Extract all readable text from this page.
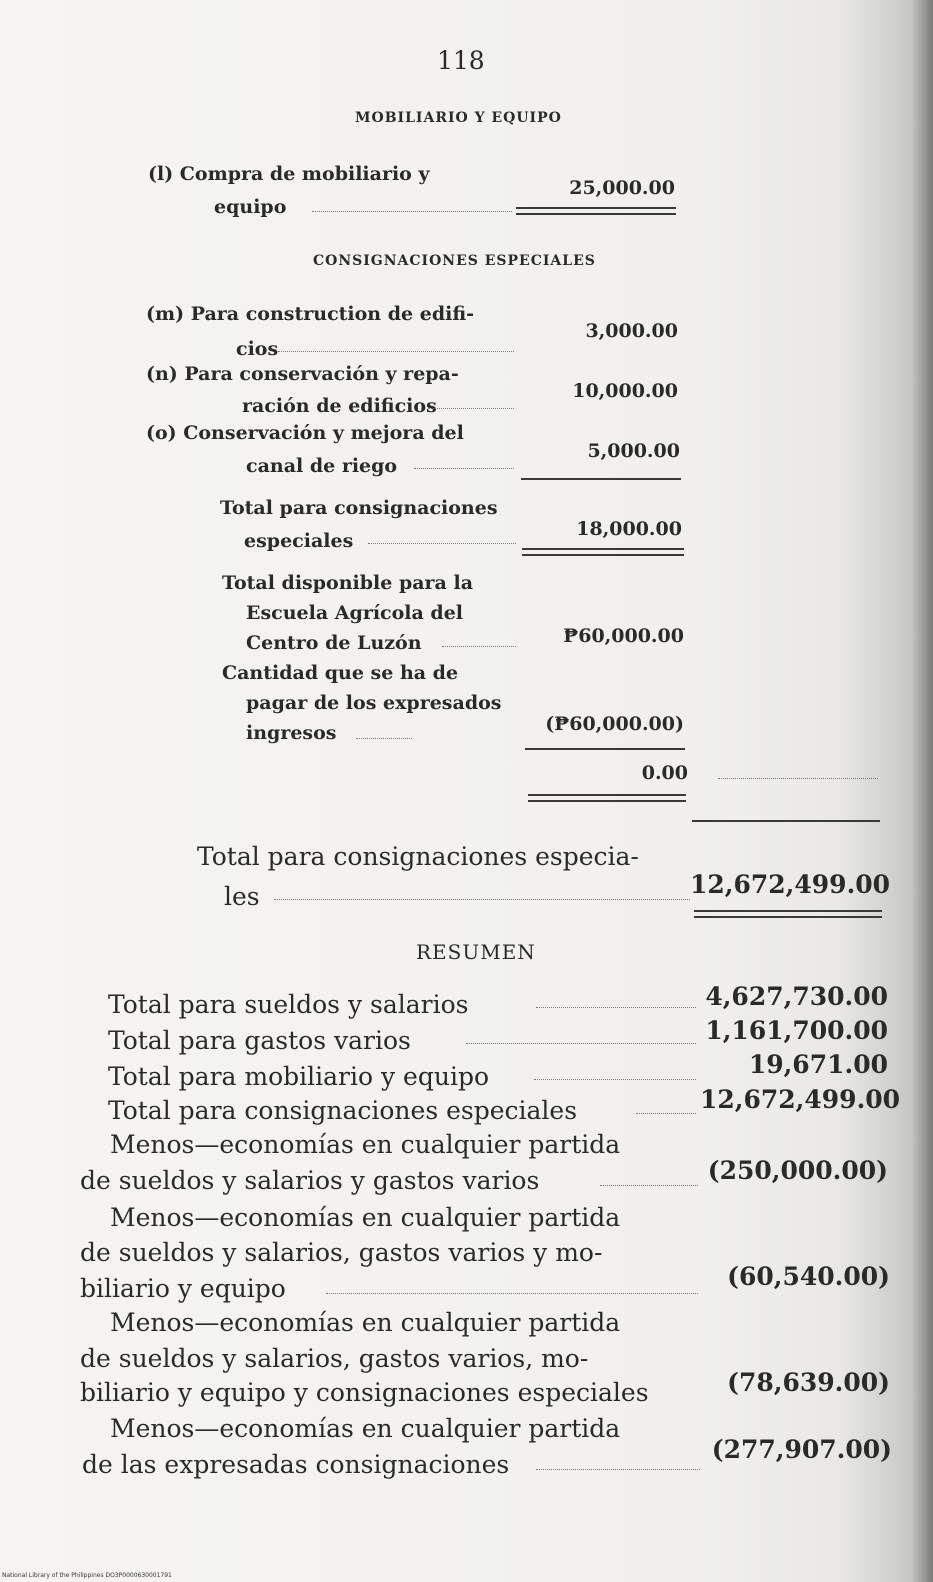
118
MOBILIARIO Y EQUIPO
(l) Compra de mobiliario y
equipo
25,000.00
CONSIGNACIONES ESPECIALES
(m) Para construction de edifi-
cios
3,000.00
(n) Para conservación y repa-
ración de edificios
10,000.00
(o) Conservación y mejora del
canal de riego
5,000.00
Total para consignaciones
especiales
18,000.00
Total disponible para la
Escuela Agrícola del
Centro de Luzón	₱60,000.00
Cantidad que se ha de
pagar de los expresados
ingresos	(₱60,000.00)
0.00
Total para consignaciones especia-
les	12,672,499.00
RESUMEN
Total para sueldos y salarios	4,627,730.00
Total para gastos varios	1,161,700.00
Total para mobiliario y equipo	19,671.00
Total para consignaciones especiales	12,672,499.00
Menos—economías en cualquier partida
de sueldos y salarios y gastos varios	(250,000.00)
Menos—economías en cualquier partida
de sueldos y salarios, gastos varios y mo-
biliario y equipo	(60,540.00)
Menos—economías en cualquier partida
de sueldos y salarios, gastos varios, mo-
biliario y equipo y consignaciones especiales	(78,639.00)
Menos—economías en cualquier partida
de las expresadas consignaciones
(277,907.00)
National Library of the Philippines DO3P0000630001791
